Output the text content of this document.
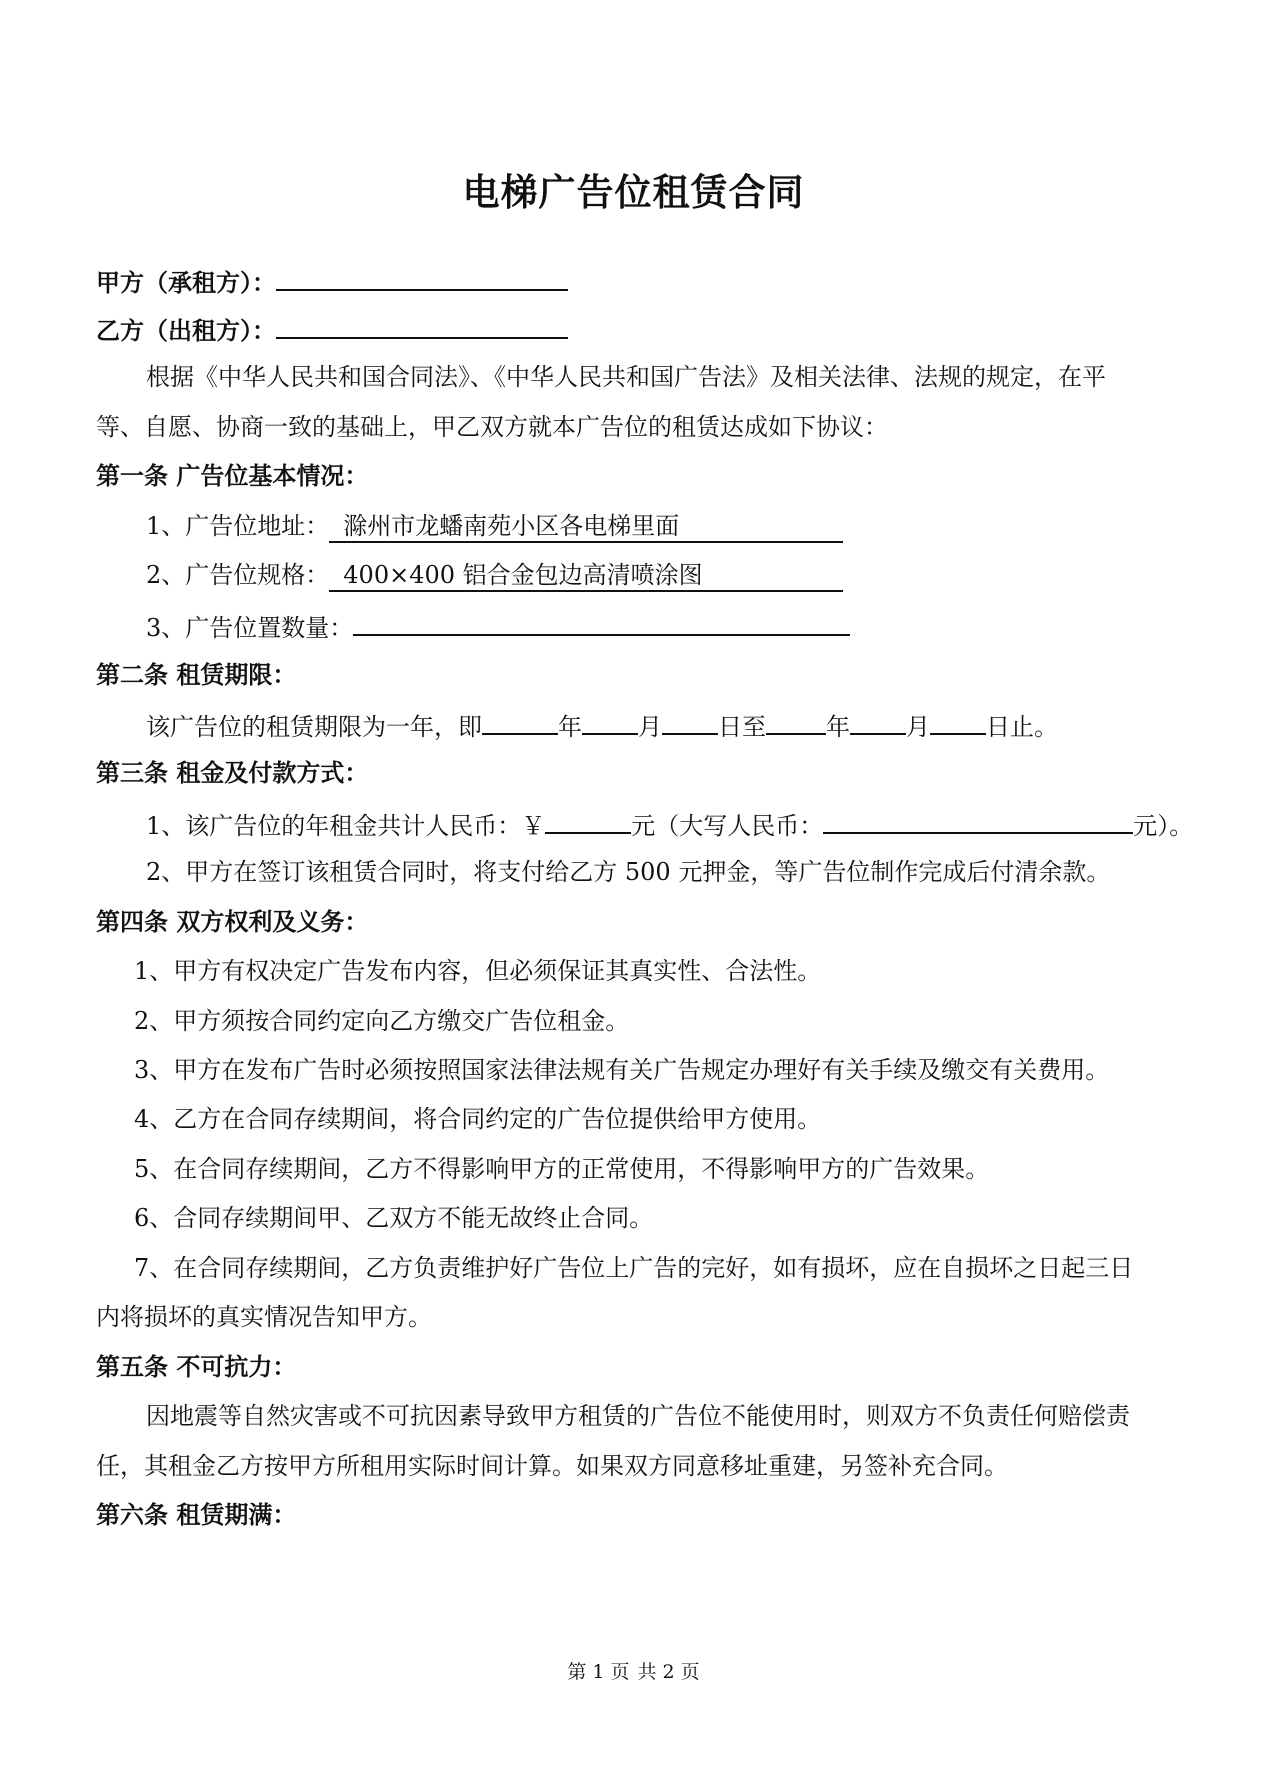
电梯广告位租赁合同
甲方（承租方）：
乙方（出租方）：
根据《中华人民共和国合同法》、《中华人民共和国广告法》及相关法律、法规的规定，在平
等、自愿、协商一致的基础上，甲乙双方就本广告位的租赁达成如下协议：
第一条 广告位基本情况：
1、广告位地址： 滁州市龙蟠南苑小区各电梯里面
2、广告位规格： 400×400 铝合金包边高清喷涂图
3、广告位置数量：
第二条 租赁期限：
该广告位的租赁期限为一年，即	年 月 日至	年 月 日止。
第三条 租金及付款方式：
1、该广告位的年租金共计人民币：￥	元（大写人民币：	元）。
2、甲方在签订该租赁合同时，将支付给乙方 500 元押金，等广告位制作完成后付清余款。
第四条 双方权利及义务：
1、甲方有权决定广告发布内容，但必须保证其真实性、合法性。
2、甲方须按合同约定向乙方缴交广告位租金。
3、甲方在发布广告时必须按照国家法律法规有关广告规定办理好有关手续及缴交有关费用。
4、乙方在合同存续期间，将合同约定的广告位提供给甲方使用。
5、在合同存续期间，乙方不得影响甲方的正常使用，不得影响甲方的广告效果。
6、合同存续期间甲、乙双方不能无故终止合同。
7、在合同存续期间，乙方负责维护好广告位上广告的完好，如有损坏，应在自损坏之日起三日
内将损坏的真实情况告知甲方。
第五条 不可抗力：
因地震等自然灾害或不可抗因素导致甲方租赁的广告位不能使用时，则双方不负责任何赔偿责
任，其租金乙方按甲方所租用实际时间计算。如果双方同意移址重建，另签补充合同。
第六条 租赁期满：
第 1 页 共 2 页
